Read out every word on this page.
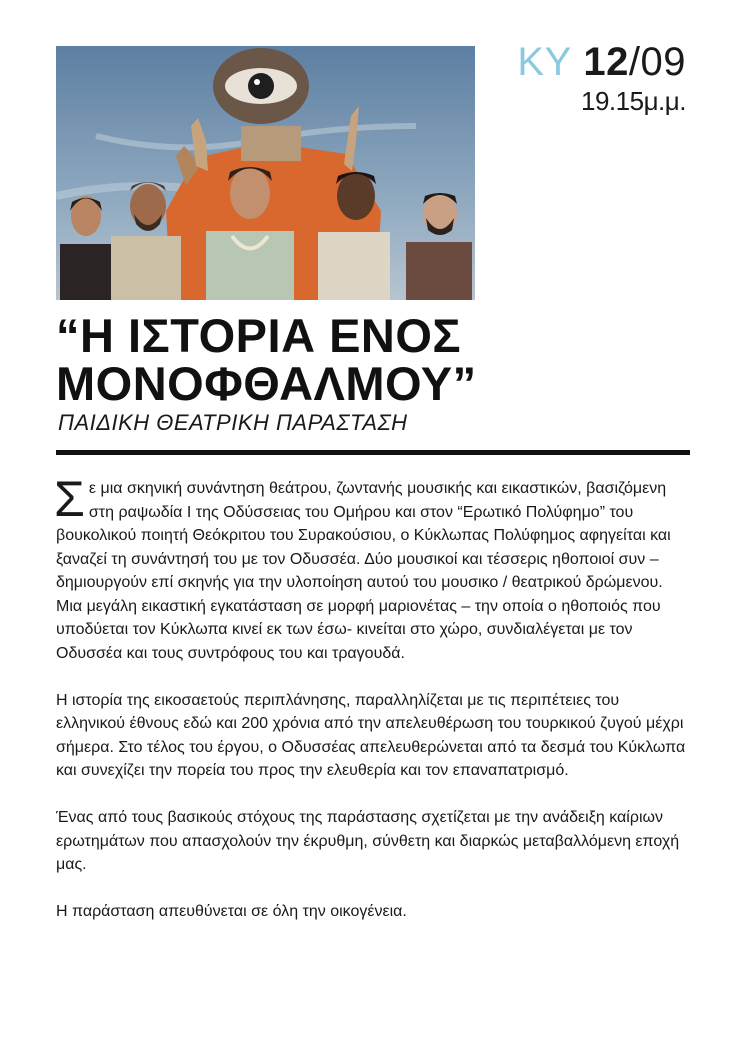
ΚΥ 12/09
19.15μ.μ.
“Η ΙΣΤΟΡΙΑ ΕΝΟΣ
ΜΟΝΟΦΘΑΛΜΟΥ”
ΠΑΙΔΙΚΗ ΘΕΑΤΡΙΚΗ ΠΑΡΑΣΤΑΣΗ

Σε μια σκηνική συνάντηση θεάτρου, ζωντανής μουσικής και εικαστικών, βασιζόμενη στη ραψωδία Ι της Οδύσσειας του Ομήρου και στον “Ερωτικό Πολύφημο” του βουκολικού ποιητή Θεόκριτου του Συρακούσιου, ο Κύκλωπας Πολύφημος αφηγείται και ξαναζεί τη συνάντησή του με τον Οδυσσέα. Δύο μουσικοί και τέσσερις ηθοποιοί συν – δημιουργούν επί σκηνής για την υλοποίηση αυτού του μουσικο / θεατρικού δρώμενου. Μια μεγάλη εικαστική εγκατάσταση σε μορφή μαριονέτας – την οποία ο ηθοποιός που υποδύεται τον Κύκλωπα κινεί εκ των έσω- κινείται στο χώρο, συνδιαλέγεται με τον Οδυσσέα και τους συντρόφους του και τραγουδά.

Η ιστορία της εικοσαετούς περιπλάνησης, παραλληλίζεται με τις περιπέτειες του ελληνικού έθνους εδώ και 200 χρόνια από την απελευθέρωση του τουρκικού ζυγού μέχρι σήμερα. Στο τέλος του έργου, ο Οδυσσέας απελευθερώνεται από τα δεσμά του Κύκλωπα και συνεχίζει την πορεία του προς την ελευθερία και τον επαναπατρισμό.

Ένας από τους βασικούς στόχους της παράστασης σχετίζεται με την ανάδειξη καίριων ερωτημάτων που απασχολούν την έκρυθμη, σύνθετη και διαρκώς μεταβαλλόμενη εποχή μας.

Η παράσταση απευθύνεται σε όλη την οικογένεια.
